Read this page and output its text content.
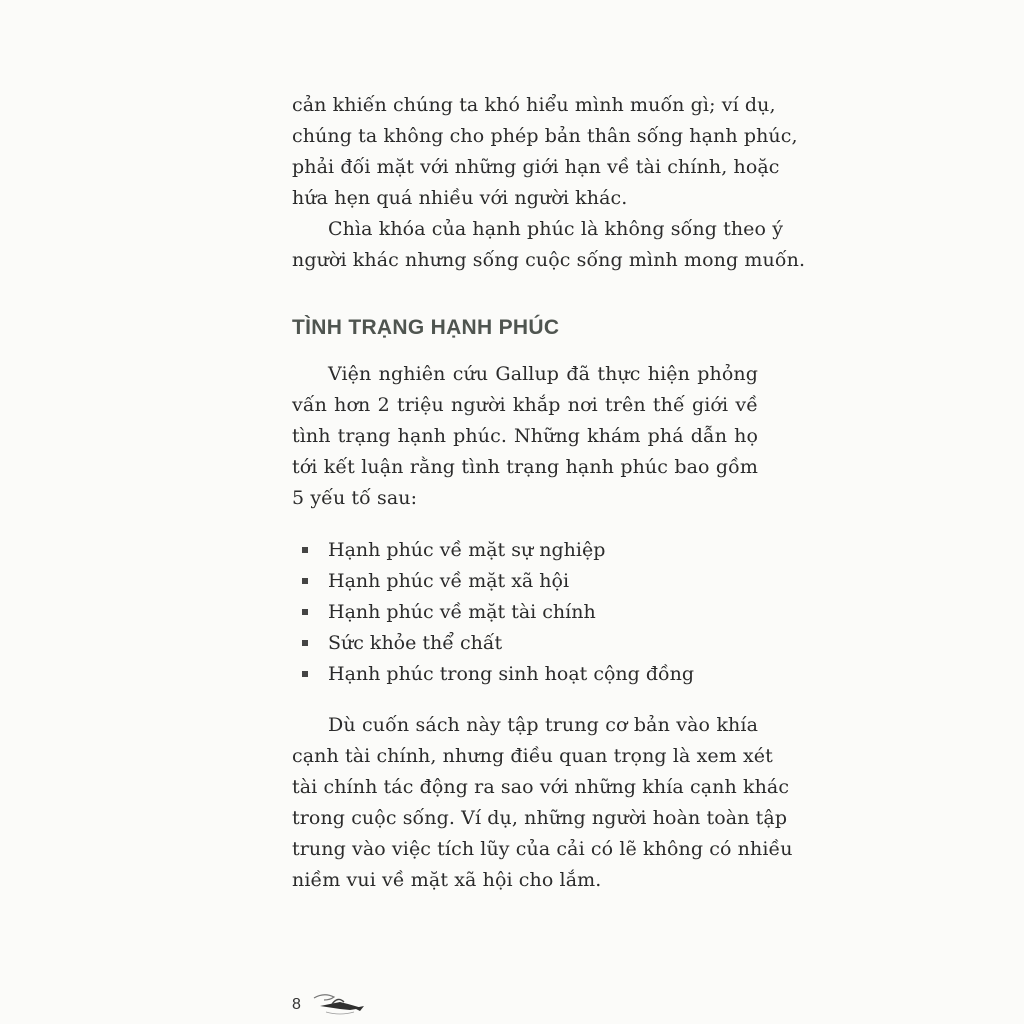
cản khiến chúng ta khó hiểu mình muốn gì; ví dụ,
chúng ta không cho phép bản thân sống hạnh phúc,
phải đối mặt với những giới hạn về tài chính, hoặc
hứa hẹn quá nhiều với người khác.
Chìa khóa của hạnh phúc là không sống theo ý
người khác nhưng sống cuộc sống mình mong muốn.
TÌNH TRẠNG HẠNH PHÚC
Viện nghiên cứu Gallup đã thực hiện phỏng
vấn hơn 2 triệu người khắp nơi trên thế giới về
tình trạng hạnh phúc. Những khám phá dẫn họ
tới kết luận rằng tình trạng hạnh phúc bao gồm
5 yếu tố sau:
Hạnh phúc về mặt sự nghiệp
Hạnh phúc về mặt xã hội
Hạnh phúc về mặt tài chính
Sức khỏe thể chất
Hạnh phúc trong sinh hoạt cộng đồng
Dù cuốn sách này tập trung cơ bản vào khía
cạnh tài chính, nhưng điều quan trọng là xem xét
tài chính tác động ra sao với những khía cạnh khác
trong cuộc sống. Ví dụ, những người hoàn toàn tập
trung vào việc tích lũy của cải có lẽ không có nhiều
niềm vui về mặt xã hội cho lắm.
8
